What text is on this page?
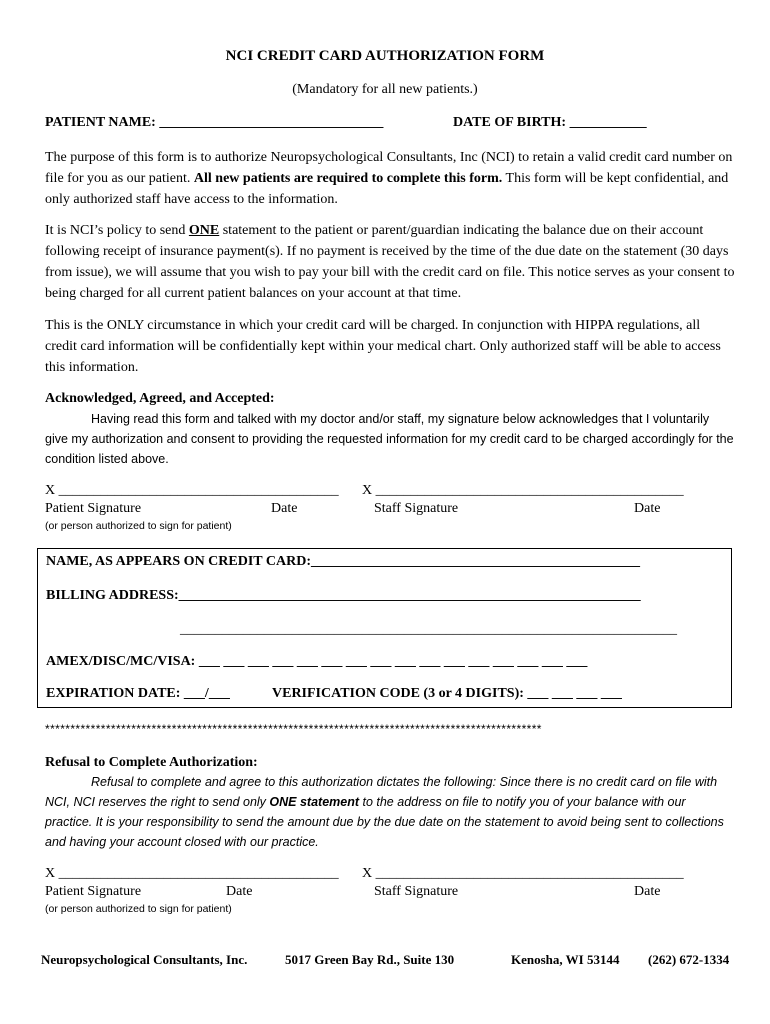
NCI CREDIT CARD AUTHORIZATION FORM
(Mandatory for all new patients.)
PATIENT NAME: ________________________________	DATE OF BIRTH: ___________
The purpose of this form is to authorize Neuropsychological Consultants, Inc (NCI) to retain a valid credit card number on file for you as our patient. All new patients are required to complete this form. This form will be kept confidential, and only authorized staff have access to the information.
It is NCI’s policy to send ONE statement to the patient or parent/guardian indicating the balance due on their account following receipt of insurance payment(s). If no payment is received by the time of the due date on the statement (30 days from issue), we will assume that you wish to pay your bill with the credit card on file. This notice serves as your consent to being charged for all current patient balances on your account at that time.
This is the ONLY circumstance in which your credit card will be charged. In conjunction with HIPPA regulations, all credit card information will be confidentially kept within your medical chart. Only authorized staff will be able to access this information.
Acknowledged, Agreed, and Accepted:
Having read this form and talked with my doctor and/or staff, my signature below acknowledges that I voluntarily give my authorization and consent to providing the requested information for my credit card to be charged accordingly for the condition listed above.
X ________________________________________ X ____________________________________________
Patient Signature	Date	Staff Signature	Date
(or person authorized to sign for patient)
NAME, AS APPEARS ON CREDIT CARD:_______________________________________________
BILLING ADDRESS:__________________________________________________________________
_______________________________________________________________________
AMEX/DISC/MC/VISA: ___ ___ ___ ___ ___ ___ ___ ___ ___ ___ ___ ___ ___ ___ ___ ___
EXPIRATION DATE: ___/___	VERIFICATION CODE (3 or 4 DIGITS): ___ ___ ___ ___
**************************************************************************************************
Refusal to Complete Authorization:
Refusal to complete and agree to this authorization dictates the following: Since there is no credit card on file with NCI, NCI reserves the right to send only ONE statement to the address on file to notify you of your balance with our practice. It is your responsibility to send the amount due by the due date on the statement to avoid being sent to collections and having your account closed with our practice.
X ________________________________________ X ____________________________________________
Patient Signature	Date	Staff Signature	Date
(or person authorized to sign for patient)
Neuropsychological Consultants, Inc.	5017 Green Bay Rd., Suite 130	Kenosha, WI 53144 (262) 672-1334
